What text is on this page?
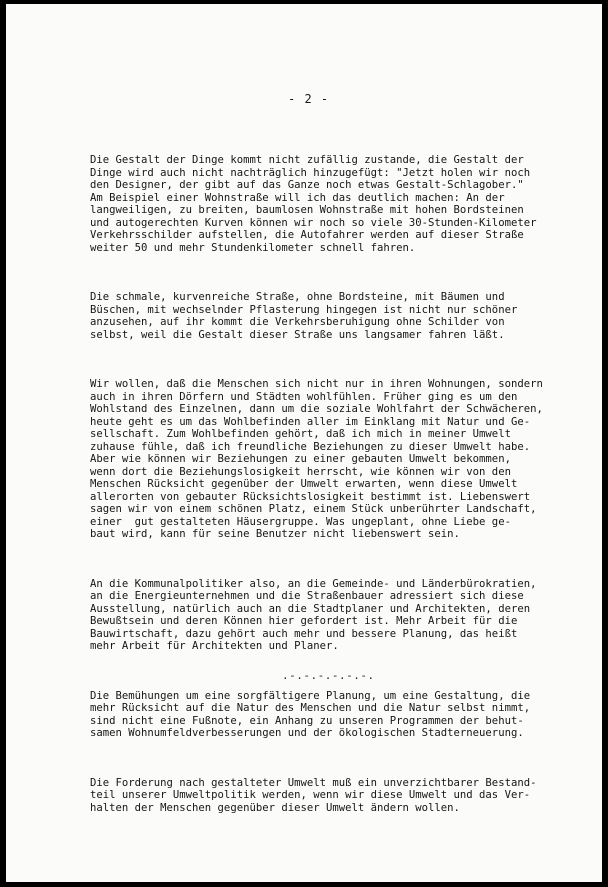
- 2 -

Die Gestalt der Dinge kommt nicht zufällig zustande, die Gestalt der
Dinge wird auch nicht nachträglich hinzugefügt: "Jetzt holen wir noch
den Designer, der gibt auf das Ganze noch etwas Gestalt-Schlagober."
Am Beispiel einer Wohnstraße will ich das deutlich machen: An der
langweiligen, zu breiten, baumlosen Wohnstraße mit hohen Bordsteinen
und autogerechten Kurven können wir noch so viele 30-Stunden-Kilometer
Verkehrsschilder aufstellen, die Autofahrer werden auf dieser Straße
weiter 50 und mehr Stundenkilometer schnell fahren.

Die schmale, kurvenreiche Straße, ohne Bordsteine, mit Bäumen und
Büschen, mit wechselnder Pflasterung hingegen ist nicht nur schöner
anzusehen, auf ihr kommt die Verkehrsberuhigung ohne Schilder von
selbst, weil die Gestalt dieser Straße uns langsamer fahren läßt.

Wir wollen, daß die Menschen sich nicht nur in ihren Wohnungen, sondern
auch in ihren Dörfern und Städten wohlfühlen. Früher ging es um den
Wohlstand des Einzelnen, dann um die soziale Wohlfahrt der Schwächeren,
heute geht es um das Wohlbefinden aller im Einklang mit Natur und Ge-
sellschaft. Zum Wohlbefinden gehört, daß ich mich in meiner Umwelt
zuhause fühle, daß ich freundliche Beziehungen zu dieser Umwelt habe.
Aber wie können wir Beziehungen zu einer gebauten Umwelt bekommen,
wenn dort die Beziehungslosigkeit herrscht, wie können wir von den
Menschen Rücksicht gegenüber der Umwelt erwarten, wenn diese Umwelt
allerorten von gebauter Rücksichtslosigkeit bestimmt ist. Liebenswert
sagen wir von einem schönen Platz, einem Stück unberührter Landschaft,
einer  gut gestalteten Häusergruppe. Was ungeplant, ohne Liebe ge-
baut wird, kann für seine Benutzer nicht liebenswert sein.

An die Kommunalpolitiker also, an die Gemeinde- und Länderbürokratien,
an die Energieunternehmen und die Straßenbauer adressiert sich diese
Ausstellung, natürlich auch an die Stadtplaner und Architekten, deren
Bewußtsein und deren Können hier gefordert ist. Mehr Arbeit für die
Bauwirtschaft, dazu gehört auch mehr und bessere Planung, das heißt
mehr Arbeit für Architekten und Planer.

Die Bemühungen um eine sorgfältigere Planung, um eine Gestaltung, die
mehr Rücksicht auf die Natur des Menschen und die Natur selbst nimmt,
sind nicht eine Fußnote, ein Anhang zu unseren Programmen der behut-
samen Wohnumfeldverbesserungen und der ökologischen Stadterneuerung.

Die Forderung nach gestalteter Umwelt muß ein unverzichtbarer Bestand-
teil unserer Umweltpolitik werden, wenn wir diese Umwelt und das Ver-
halten der Menschen gegenüber dieser Umwelt ändern wollen.

.-.-.-.-.-.-.
